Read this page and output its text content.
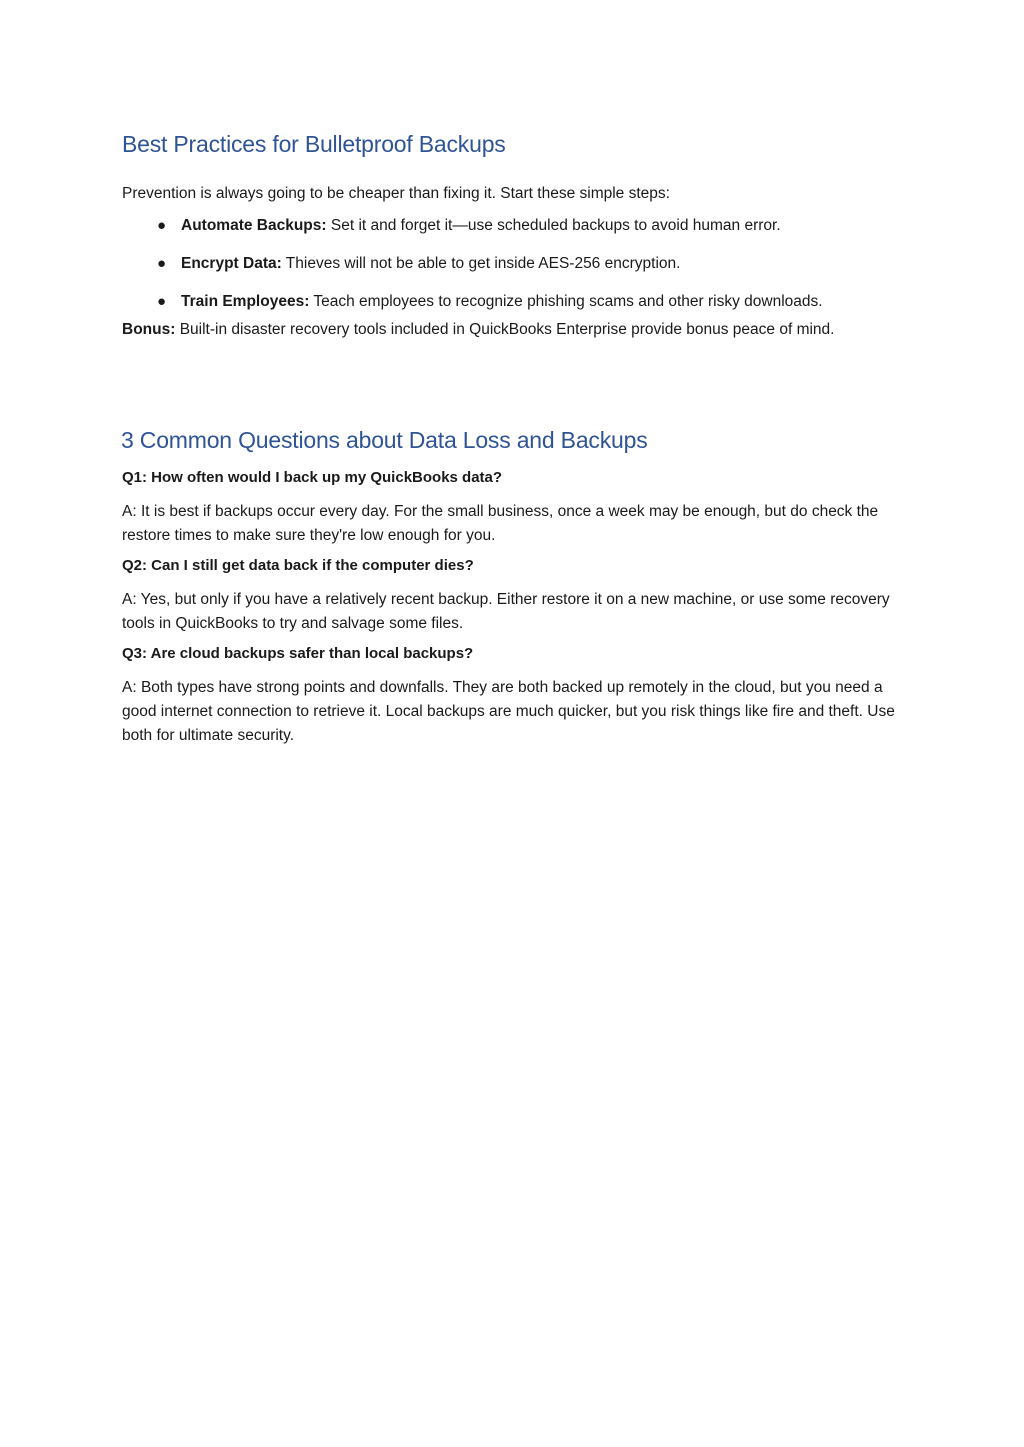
Best Practices for Bulletproof Backups

Prevention is always going to be cheaper than fixing it. Start these simple steps:

● Automate Backups: Set it and forget it—use scheduled backups to avoid human error.
● Encrypt Data: Thieves will not be able to get inside AES-256 encryption.
● Train Employees: Teach employees to recognize phishing scams and other risky downloads.

Bonus: Built-in disaster recovery tools included in QuickBooks Enterprise provide bonus peace of mind.

3 Common Questions about Data Loss and Backups

Q1: How often would I back up my QuickBooks data?

A: It is best if backups occur every day. For the small business, once a week may be enough, but do check the restore times to make sure they're low enough for you.

Q2: Can I still get data back if the computer dies?

A: Yes, but only if you have a relatively recent backup. Either restore it on a new machine, or use some recovery tools in QuickBooks to try and salvage some files.

Q3: Are cloud backups safer than local backups?

A: Both types have strong points and downfalls. They are both backed up remotely in the cloud, but you need a good internet connection to retrieve it. Local backups are much quicker, but you risk things like fire and theft. Use both for ultimate security.
